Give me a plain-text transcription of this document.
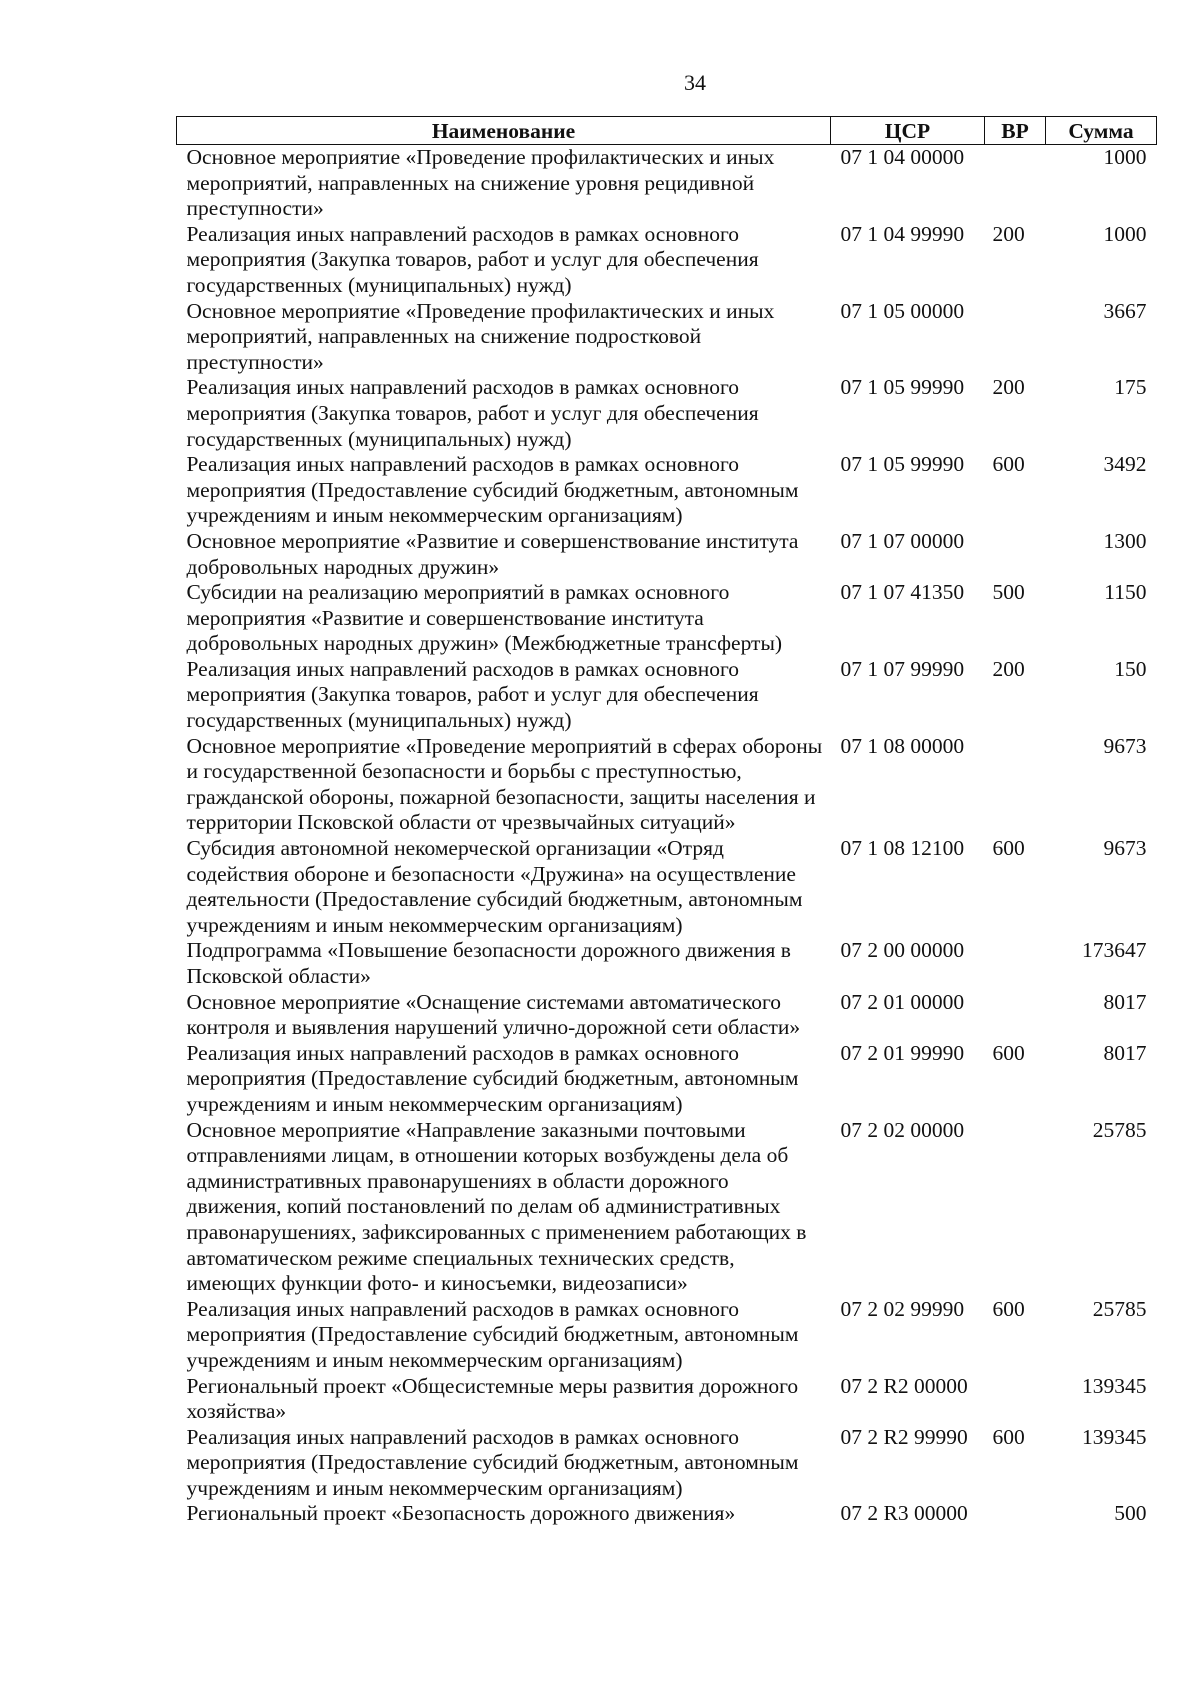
34
Наименование	ЦСР	ВР	Сумма
Основное мероприятие «Проведение профилактических и иных мероприятий, направленных на снижение уровня рецидивной преступности»	07 1 04 00000		1000
Реализация иных направлений расходов в рамках основного мероприятия (Закупка товаров, работ и услуг для обеспечения государственных (муниципальных) нужд)	07 1 04 99990	200	1000
Основное мероприятие «Проведение профилактических и иных мероприятий, направленных на снижение подростковой преступности»	07 1 05 00000		3667
Реализация иных направлений расходов в рамках основного мероприятия (Закупка товаров, работ и услуг для обеспечения государственных (муниципальных) нужд)	07 1 05 99990	200	175
Реализация иных направлений расходов в рамках основного мероприятия (Предоставление субсидий бюджетным, автономным учреждениям и иным некоммерческим организациям)	07 1 05 99990	600	3492
Основное мероприятие «Развитие и совершенствование института добровольных народных дружин»	07 1 07 00000		1300
Субсидии на реализацию мероприятий в рамках основного мероприятия «Развитие и совершенствование института добровольных народных дружин» (Межбюджетные трансферты)	07 1 07 41350	500	1150
Реализация иных направлений расходов в рамках основного мероприятия (Закупка товаров, работ и услуг для обеспечения государственных (муниципальных) нужд)	07 1 07 99990	200	150
Основное мероприятие «Проведение мероприятий в сферах обороны и государственной безопасности и борьбы с преступностью, гражданской обороны, пожарной безопасности, защиты населения и территории Псковской области от чрезвычайных ситуаций»	07 1 08 00000		9673
Субсидия автономной некомерческой организации «Отряд содействия обороне и безопасности «Дружина» на осуществление деятельности (Предоставление субсидий бюджетным, автономным учреждениям и иным некоммерческим организациям)	07 1 08 12100	600	9673
Подпрограмма «Повышение безопасности дорожного движения в Псковской области»	07 2 00 00000		173647
Основное мероприятие «Оснащение системами автоматического контроля и выявления нарушений улично-дорожной сети области»	07 2 01 00000		8017
Реализация иных направлений расходов в рамках основного мероприятия (Предоставление субсидий бюджетным, автономным учреждениям и иным некоммерческим организациям)	07 2 01 99990	600	8017
Основное мероприятие «Направление заказными почтовыми отправлениями лицам, в отношении которых возбуждены дела об административных правонарушениях в области дорожного движения, копий постановлений по делам об административных правонарушениях, зафиксированных с применением работающих в автоматическом режиме специальных технических средств, имеющих функции фото- и киносъемки, видеозаписи»	07 2 02 00000		25785
Реализация иных направлений расходов в рамках основного мероприятия (Предоставление субсидий бюджетным, автономным учреждениям и иным некоммерческим организациям)	07 2 02 99990	600	25785
Региональный проект «Общесистемные меры развития дорожного хозяйства»	07 2 R2 00000		139345
Реализация иных направлений расходов в рамках основного мероприятия (Предоставление субсидий бюджетным, автономным учреждениям и иным некоммерческим организациям)	07 2 R2 99990	600	139345
Региональный проект «Безопасность дорожного движения»	07 2 R3 00000		500
